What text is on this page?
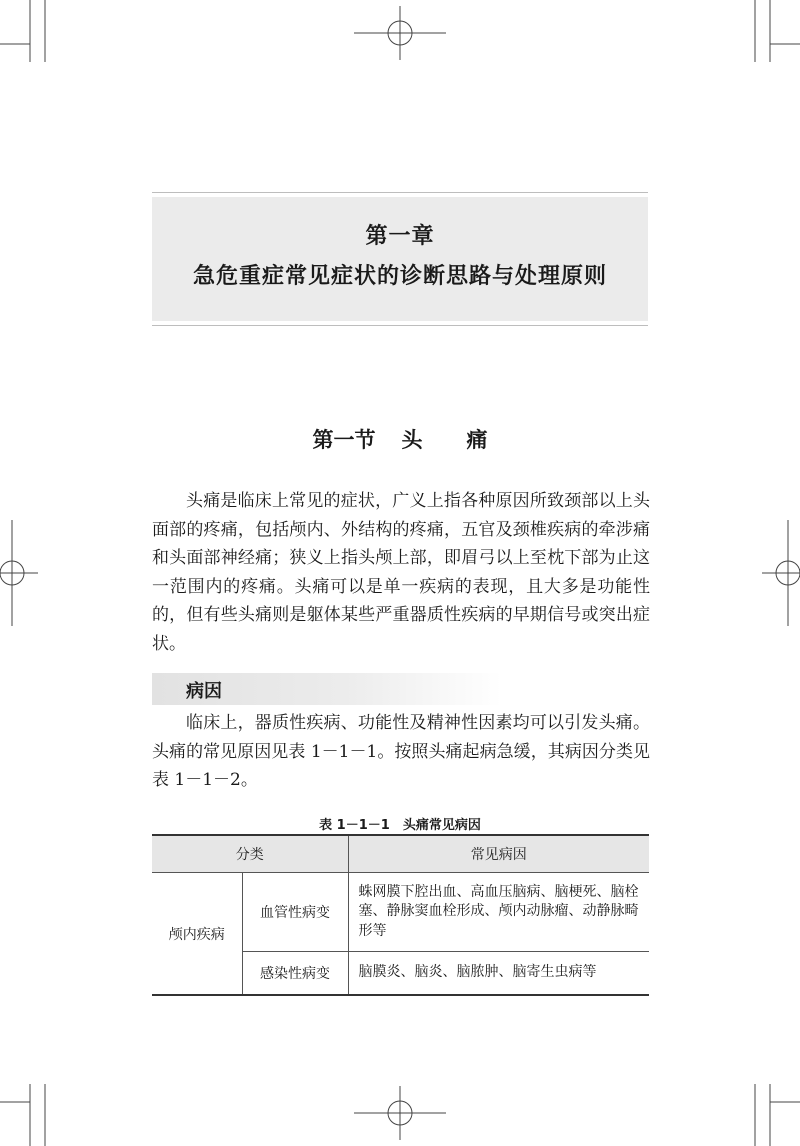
第一章
急危重症常见症状的诊断思路与处理原则
第一节 头 痛

头痛是临床上常见的症状，广义上指各种原因所致颈部以上头面部的疼痛，包括颅内、外结构的疼痛，五官及颈椎疾病的牵涉痛和头面部神经痛；狭义上指头颅上部，即眉弓以上至枕下部为止这一范围内的疼痛。头痛可以是单一疾病的表现，且大多是功能性的，但有些头痛则是躯体某些严重器质性疾病的早期信号或突出症状。

病因

临床上，器质性疾病、功能性及精神性因素均可以引发头痛。头痛的常见原因见表 1－1－1。按照头痛起病急缓，其病因分类见表 1－1－2。

表 1－1－1　头痛常见病因
分类		常见病因
颅内疾病	血管性病变	蛛网膜下腔出血、高血压脑病、脑梗死、脑栓塞、静脉窦血栓形成、颅内动脉瘤、动静脉畸形等
	感染性病变	脑膜炎、脑炎、脑脓肿、脑寄生虫病等
